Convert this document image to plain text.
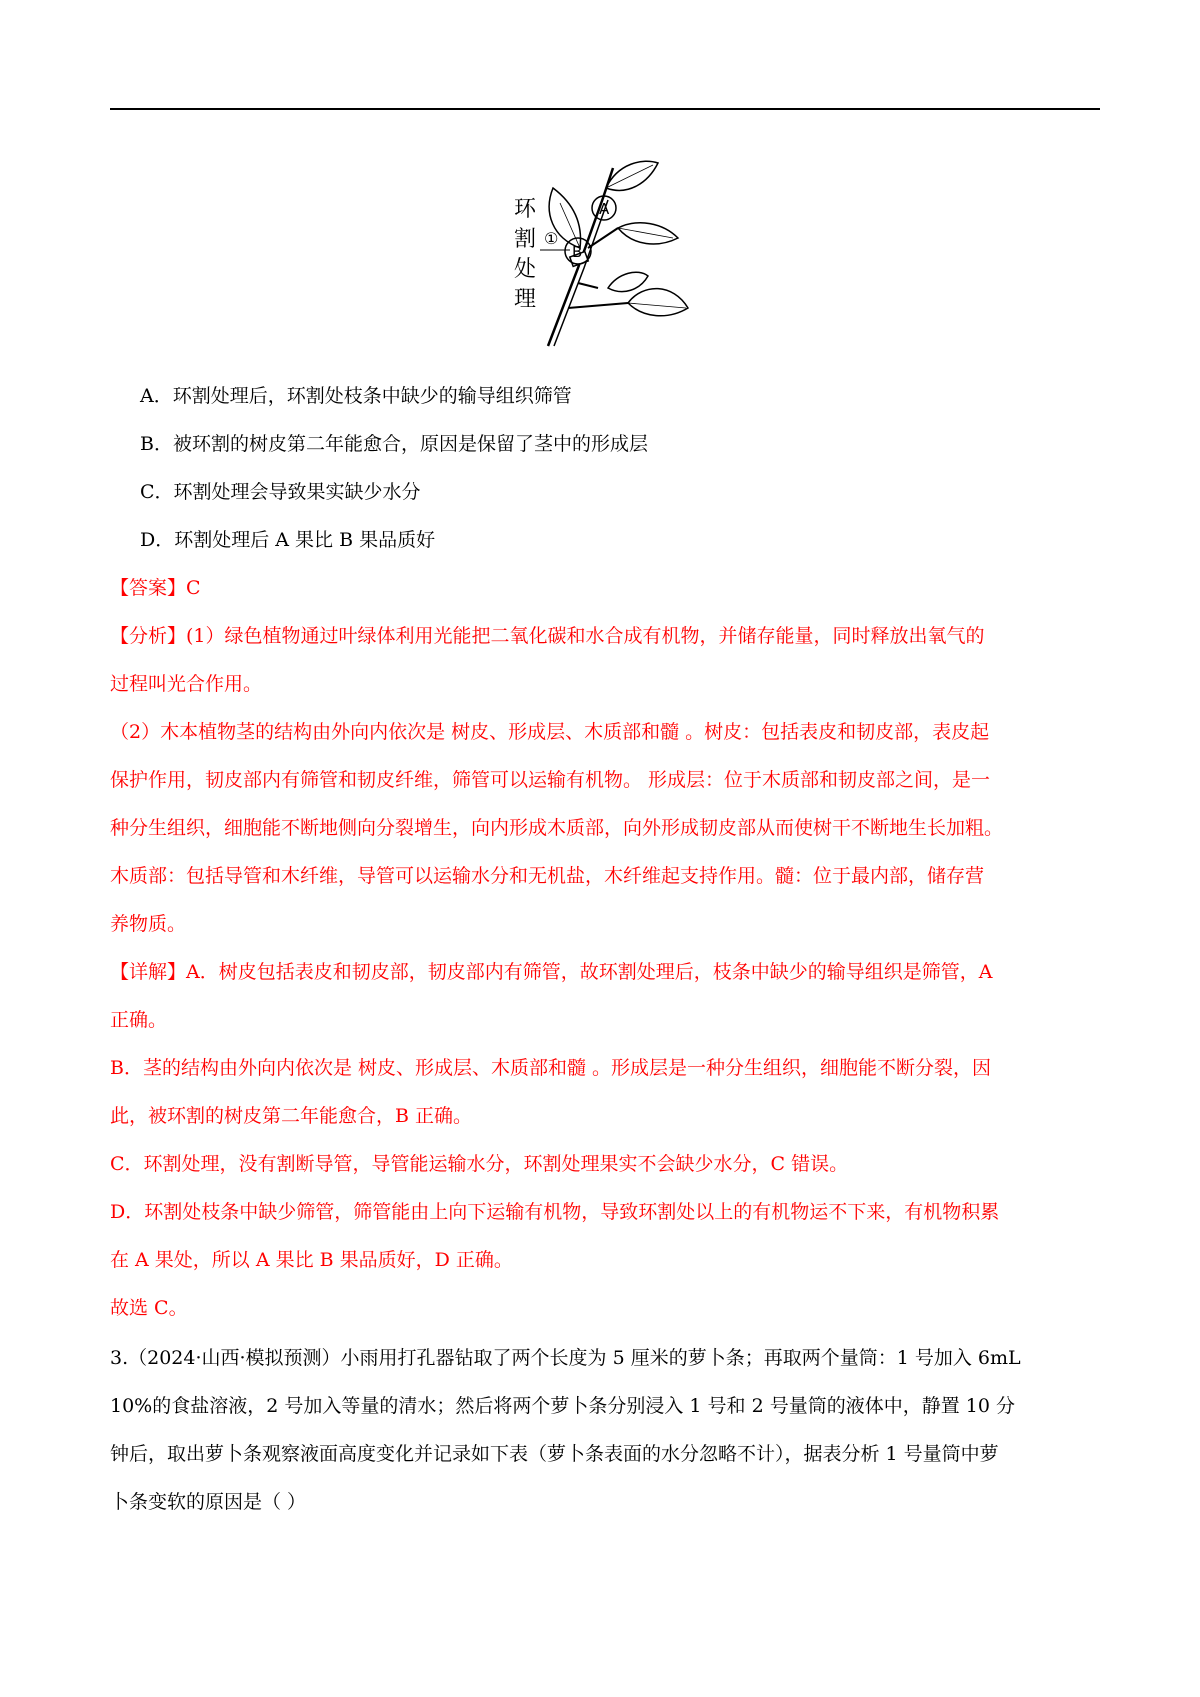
环
割
处
理
A
B
①
A．环割处理后，环割处枝条中缺少的输导组织筛管
B．被环割的树皮第二年能愈合，原因是保留了茎中的形成层
C．环割处理会导致果实缺少水分
D．环割处理后 A 果比 B 果品质好
【答案】C
【分析】(1）绿色植物通过叶绿体利用光能把二氧化碳和水合成有机物，并储存能量，同时释放出氧气的
过程叫光合作用。
（2）木本植物茎的结构由外向内依次是 树皮、形成层、木质部和髓 。树皮：包括表皮和韧皮部，表皮起
保护作用，韧皮部内有筛管和韧皮纤维，筛管可以运输有机物。 形成层：位于木质部和韧皮部之间，是一
种分生组织，细胞能不断地侧向分裂增生，向内形成木质部，向外形成韧皮部从而使树干不断地生长加粗。
木质部：包括导管和木纤维，导管可以运输水分和无机盐，木纤维起支持作用。髓：位于最内部，储存营
养物质。
【详解】A．树皮包括表皮和韧皮部，韧皮部内有筛管，故环割处理后，枝条中缺少的输导组织是筛管，A
正确。
B．茎的结构由外向内依次是 树皮、形成层、木质部和髓 。形成层是一种分生组织，细胞能不断分裂，因
此，被环割的树皮第二年能愈合，B 正确。
C．环割处理，没有割断导管，导管能运输水分，环割处理果实不会缺少水分，C 错误。
D．环割处枝条中缺少筛管，筛管能由上向下运输有机物，导致环割处以上的有机物运不下来，有机物积累
在 A 果处，所以 A 果比 B 果品质好，D 正确。
故选 C。
3.（2024·山西·模拟预测）小雨用打孔器钻取了两个长度为 5 厘米的萝卜条；再取两个量筒：1 号加入 6mL
10%的食盐溶液，2 号加入等量的清水；然后将两个萝卜条分别浸入 1 号和 2 号量筒的液体中，静置 10 分
钟后，取出萝卜条观察液面高度变化并记录如下表（萝卜条表面的水分忽略不计），据表分析 1 号量筒中萝
卜条变软的原因是（ ）
